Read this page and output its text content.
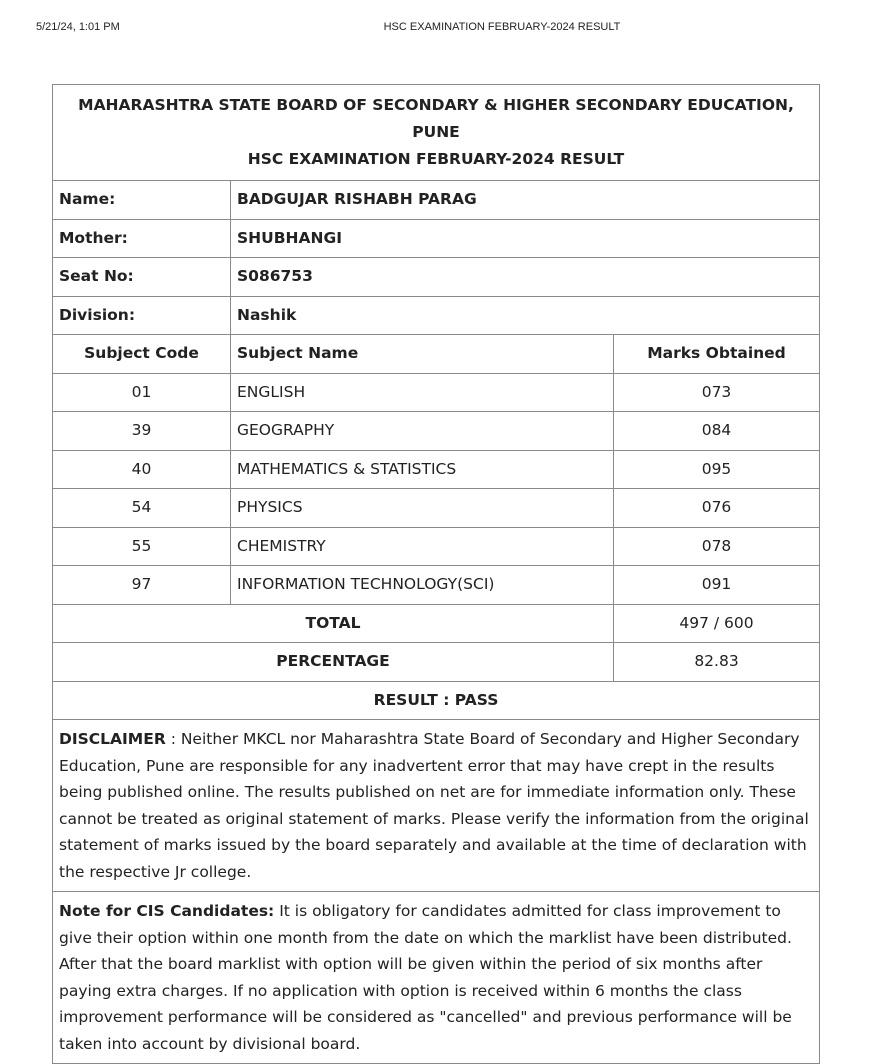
5/21/24, 1:01 PM	HSC EXAMINATION FEBRUARY-2024 RESULT
MAHARASHTRA STATE BOARD OF SECONDARY & HIGHER SECONDARY EDUCATION, PUNE
HSC EXAMINATION FEBRUARY-2024 RESULT		

Name:	BADGUJAR RISHABH PARAG	
Mother:	SHUBHANGI	
Seat No:	S086753	
Division:	Nashik	
Subject Code	Subject Name	Marks Obtained
01	ENGLISH	073
39	GEOGRAPHY	084
40	MATHEMATICS & STATISTICS	095
54	PHYSICS	076
55	CHEMISTRY	078
97	INFORMATION TECHNOLOGY(SCI)	091
TOTAL		497 / 600
PERCENTAGE		82.83
RESULT : PASS		
DISCLAIMER : Neither MKCL nor Maharashtra State Board of Secondary and Higher Secondary Education, Pune are responsible for any inadvertent error that may have crept in the results being published online. The results published on net are for immediate information only. These cannot be treated as original statement of marks. Please verify the information from the original statement of marks issued by the board separately and available at the time of declaration with the respective Jr college.		
Note for CIS Candidates: It is obligatory for candidates admitted for class improvement to give their option within one month from the date on which the marklist have been distributed. After that the board marklist with option will be given within the period of six months after paying extra charges. If no application with option is received within 6 months the class improvement performance will be considered as "cancelled" and previous performance will be taken into account by divisional board.		
